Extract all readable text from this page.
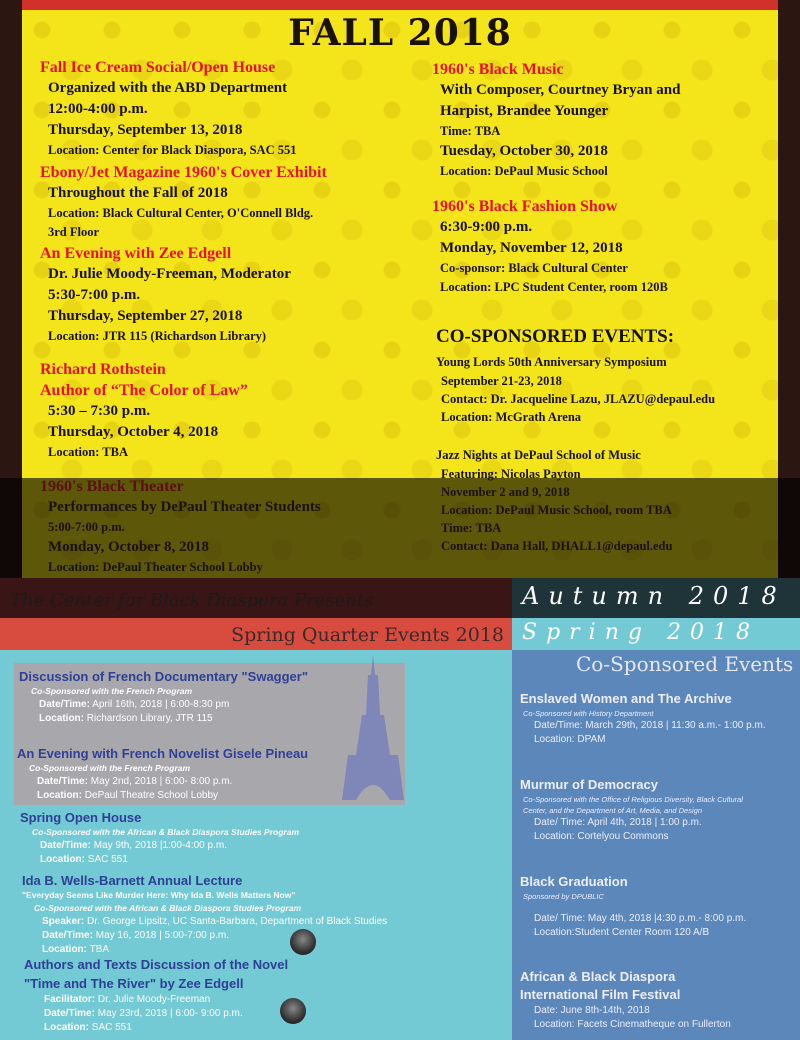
FALL 2018
Fall Ice Cream Social/Open House
Organized with the ABD Department
12:00-4:00 p.m.
Thursday, September 13, 2018
Location: Center for Black Diaspora, SAC 551
Ebony/Jet Magazine 1960's Cover Exhibit
Throughout the Fall of 2018
Location: Black Cultural Center, O'Connell Bldg.
3rd Floor
An Evening with Zee Edgell
Dr. Julie Moody-Freeman, Moderator
5:30-7:00 p.m.
Thursday, September 27, 2018
Location: JTR 115 (Richardson Library)
Richard Rothstein
Author of “The Color of Law”
5:30 – 7:30 p.m.
Thursday, October 4, 2018
Location: TBA
1960's Black Theater
Performances by DePaul Theater Students
5:00-7:00 p.m.
Monday, October 8, 2018
Location: DePaul Theater School Lobby
1960's Black Music
With Composer, Courtney Bryan and
Harpist, Brandee Younger
Time: TBA
Tuesday, October 30, 2018
Location: DePaul Music School
1960's Black Fashion Show
6:30-9:00 p.m.
Monday, November 12, 2018
Co-sponsor: Black Cultural Center
Location: LPC Student Center, room 120B
CO-SPONSORED EVENTS:
Young Lords 50th Anniversary Symposium
September 21-23, 2018
Contact: Dr. Jacqueline Lazu, JLAZU@depaul.edu
Location: McGrath Arena
Jazz Nights at DePaul School of Music
Featuring: Nicolas Payton
November 2 and 9, 2018
Location: DePaul Music School, room TBA
Time: TBA
Contact: Dana Hall, DHALL1@depaul.edu
The Center for Black Diaspora Presents
Spring Quarter Events 2018
Autumn 2018
Spring 2018
Co-Sponsored Events
Discussion of French Documentary "Swagger"
Co-Sponsored with the French Program
Date/Time: April 16th, 2018 | 6:00-8:30 pm
Location: Richardson Library, JTR 115
An Evening with French Novelist Gisele Pineau
Co-Sponsored with the French Program
Date/Time: May 2nd, 2018 | 6:00- 8:00 p.m.
Location: DePaul Theatre School Lobby
Spring Open House
Co-Sponsored with the African & Black Diaspora Studies Program
Date/Time: May 9th, 2018 |1:00-4:00 p.m.
Location: SAC 551
Ida B. Wells-Barnett Annual Lecture
"Everyday Seems Like Murder Here: Why Ida B. Wells Matters Now"
Co-Sponsored with the African & Black Diaspora Studies Program
Speaker: Dr. George Lipsitz, UC Santa-Barbara, Department of Black Studies
Date/Time: May 16, 2018 | 5:00-7:00 p.m.
Location: TBA
Authors and Texts Discussion of the Novel
"Time and The River" by Zee Edgell
Facilitator: Dr. Julie Moody-Freeman
Date/Time: May 23rd, 2018 | 6:00- 9:00 p.m.
Location: SAC 551
Enslaved Women and The Archive
Co-Sponsored with History Department
Date/Time: March 29th, 2018 | 11:30 a.m.- 1:00 p.m.
Location: DPAM
Murmur of Democracy
Co-Sponsored with the Office of Religious Diversity, Black Cultural
Center, and the Department of Art, Media, and Design
Date/ Time: April 4th, 2018 | 1:00 p.m.
Location: Cortelyou Commons
Black Graduation
Sponsored by DPUBLIC
Date/ Time: May 4th, 2018 |4:30 p.m.- 8:00 p.m.
Location:Student Center Room 120 A/B
African & Black Diaspora
International Film Festival
Date: June 8th-14th, 2018
Location: Facets Cinematheque on Fullerton
